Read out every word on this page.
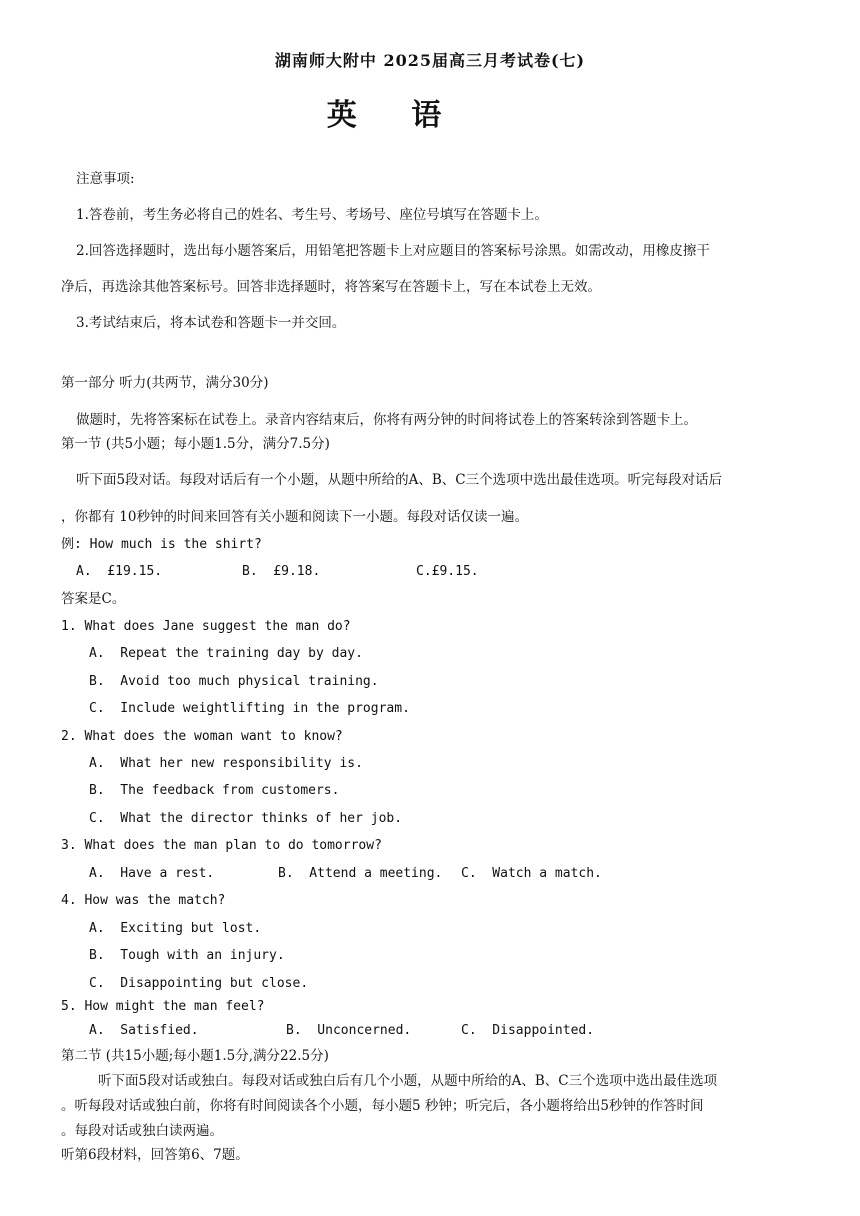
湖南师大附中 2025届高三月考试卷(七)
英 语
注意事项:
1.答卷前，考生务必将自己的姓名、考生号、考场号、座位号填写在答题卡上。
2.回答选择题时，选出每小题答案后，用铅笔把答题卡上对应题目的答案标号涂黑。如需改动，用橡皮擦干
净后，再选涂其他答案标号。回答非选择题时，将答案写在答题卡上，写在本试卷上无效。
3.考试结束后，将本试卷和答题卡一并交回。
第一部分 听力(共两节，满分30分)
做题时，先将答案标在试卷上。录音内容结束后，你将有两分钟的时间将试卷上的答案转涂到答题卡上。
第一节 (共5小题；每小题1.5分，满分7.5分)
听下面5段对话。每段对话后有一个小题，从题中所给的A、B、C三个选项中选出最佳选项。听完每段对话后
，你都有 10秒钟的时间来回答有关小题和阅读下一小题。每段对话仅读一遍。
例: How much is the shirt?
A.  £19.15.	B.  £9.18.	C.£9.15.
答案是C。
1. What does Jane suggest the man do?
A.  Repeat the training day by day.
B.  Avoid too much physical training.
C.  Include weightlifting in the program.
2. What does the woman want to know?
A.  What her new responsibility is.
B.  The feedback from customers.
C.  What the director thinks of her job.
3. What does the man plan to do tomorrow?
A.  Have a rest.	B.  Attend a meeting. C.  Watch a match.
4. How was the match?
A.  Exciting but lost.
B.  Tough with an injury.
C.  Disappointing but close.
5. How might the man feel?
A.  Satisfied.	B.  Unconcerned.	C.  Disappointed.
第二节 (共15小题;每小题1.5分,满分22.5分)
听下面5段对话或独白。每段对话或独白后有几个小题，从题中所给的A、B、C三个选项中选出最佳选项
。听每段对话或独白前，你将有时间阅读各个小题，每小题5 秒钟；听完后，各小题将给出5秒钟的作答时间
。每段对话或独白读两遍。
听第6段材料，回答第6、7题。
